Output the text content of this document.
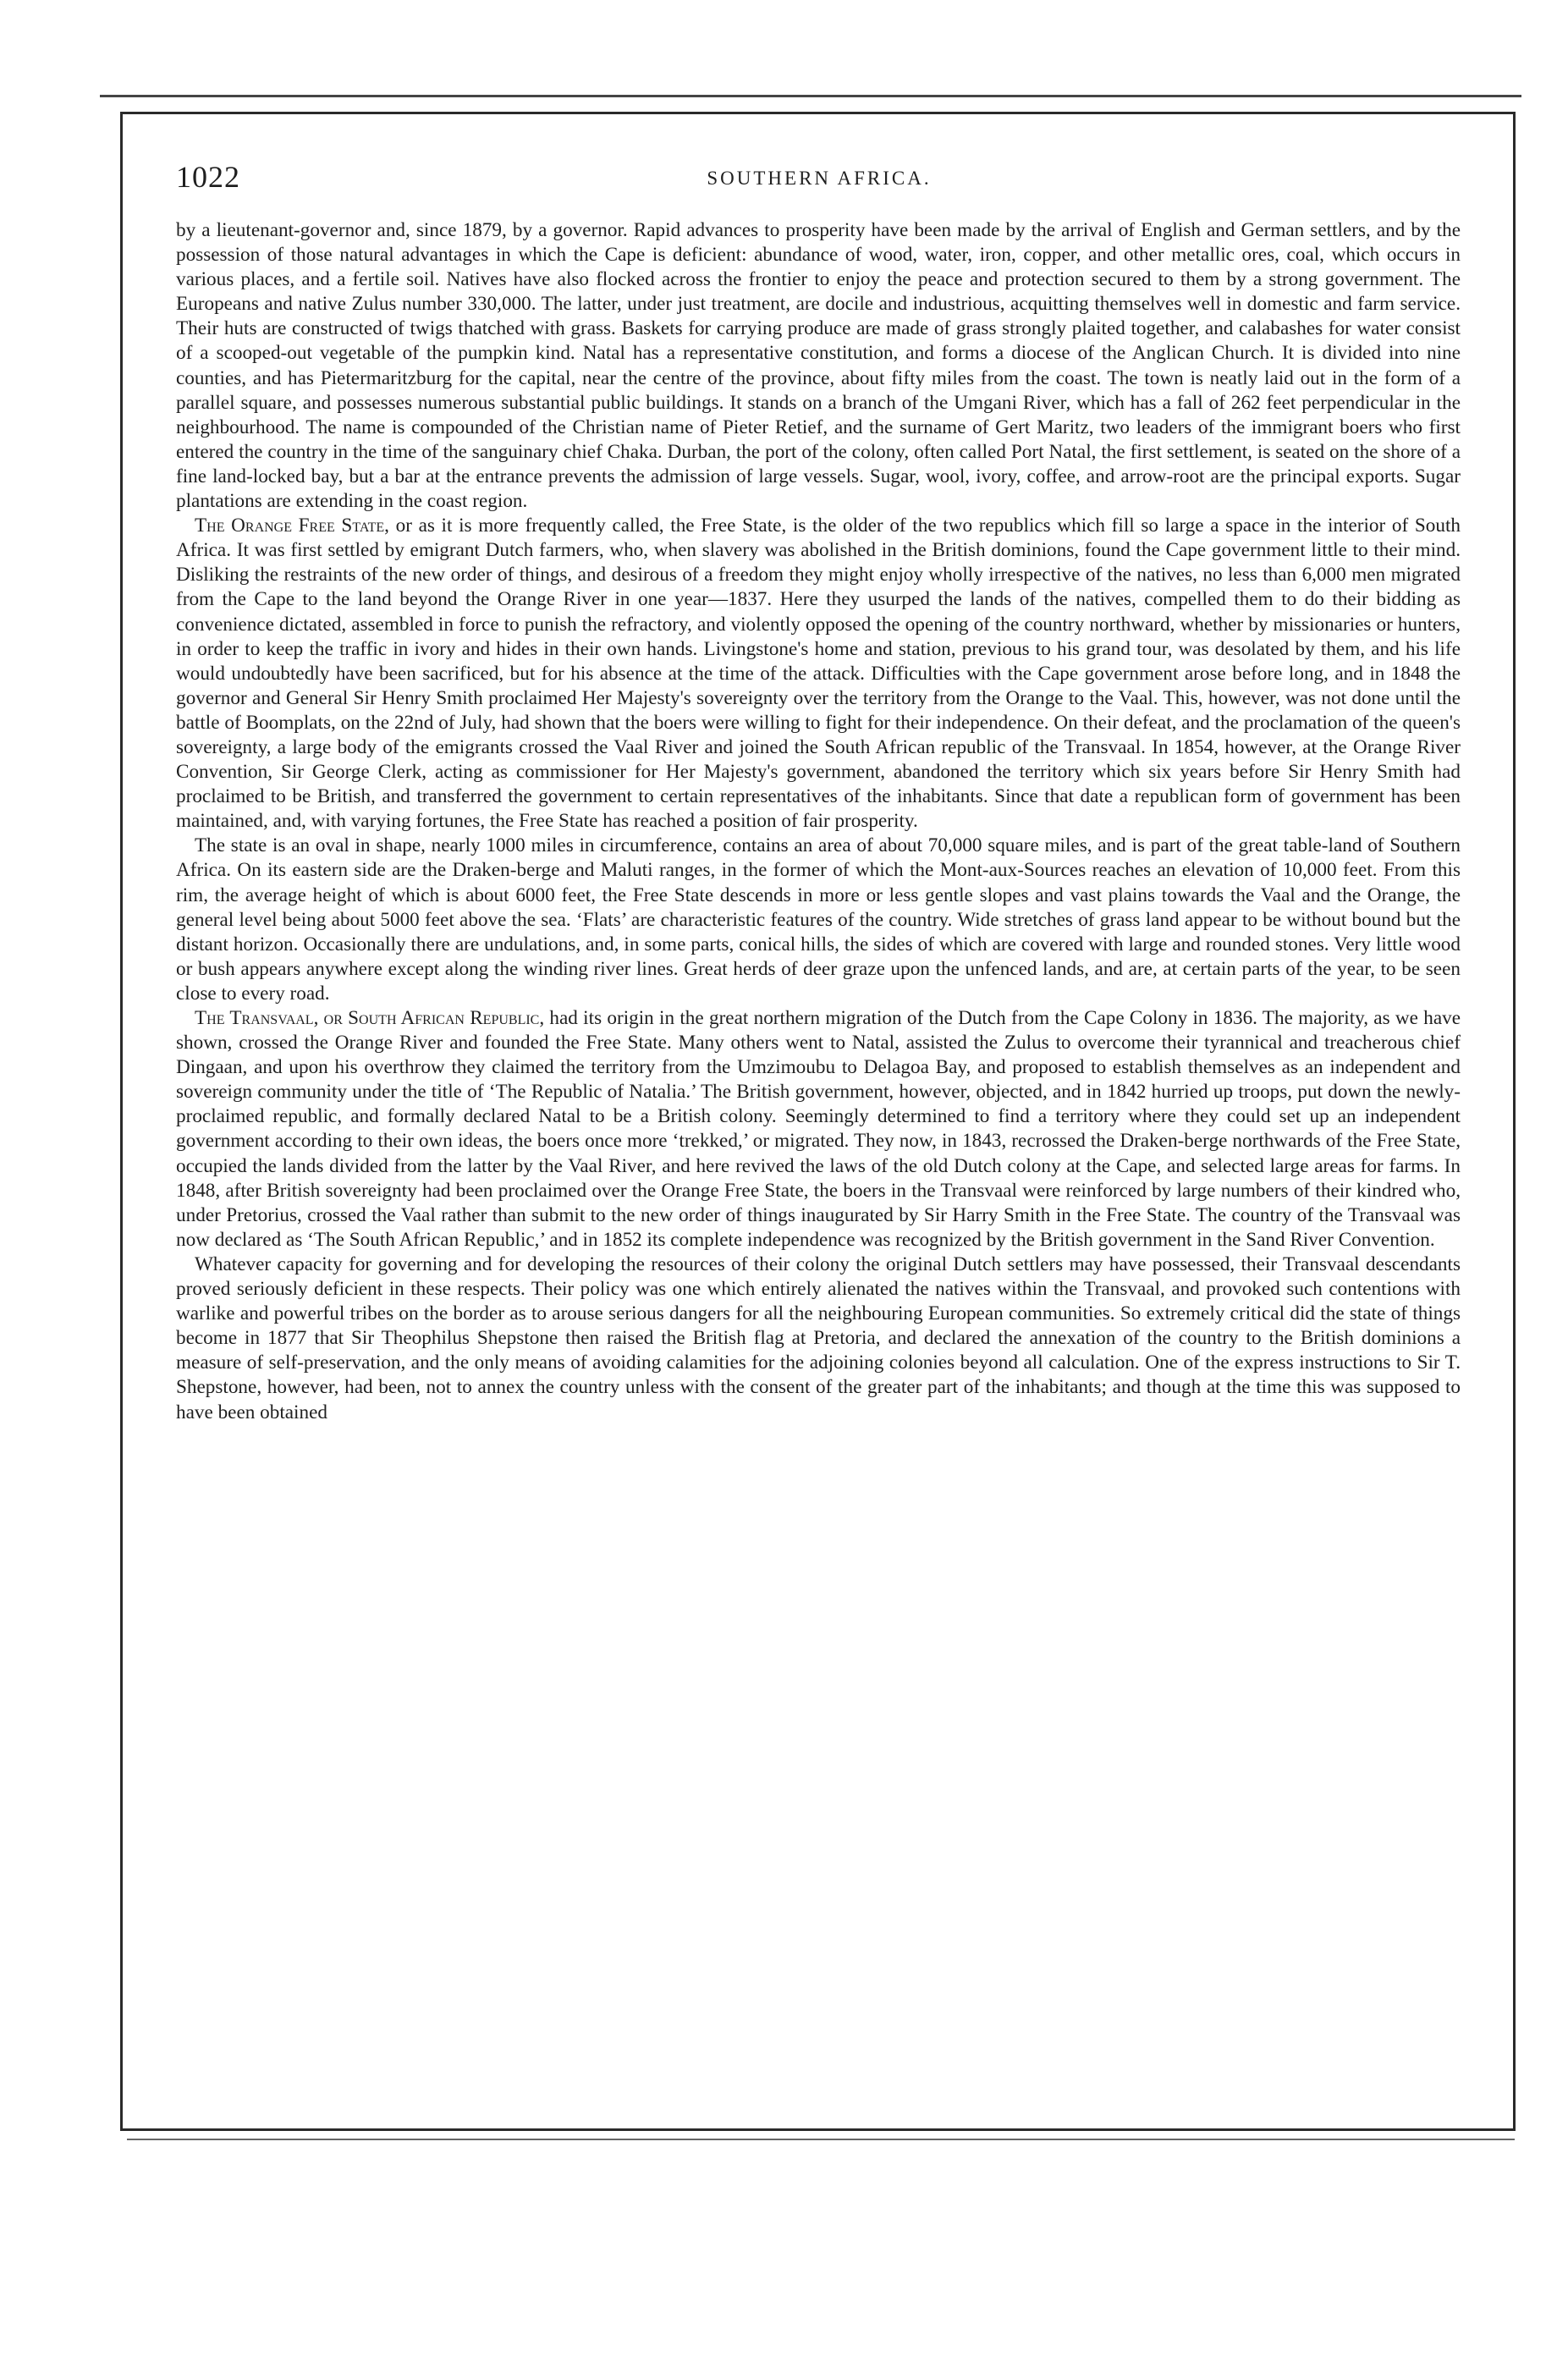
1022	SOUTHERN AFRICA.

by a lieutenant-governor and, since 1879, by a governor. Rapid advances to prosperity have been made by the arrival of English and German settlers, and by the possession of those natural advantages in which the Cape is deficient: abundance of wood, water, iron, copper, and other metallic ores, coal, which occurs in various places, and a fertile soil. Natives have also flocked across the frontier to enjoy the peace and protection secured to them by a strong government. The Europeans and native Zulus number 330,000. The latter, under just treatment, are docile and industrious, acquitting themselves well in domestic and farm service. Their huts are constructed of twigs thatched with grass. Baskets for carrying produce are made of grass strongly plaited together, and calabashes for water consist of a scooped-out vegetable of the pumpkin kind. Natal has a representative constitution, and forms a diocese of the Anglican Church. It is divided into nine counties, and has Pietermaritzburg for the capital, near the centre of the province, about fifty miles from the coast. The town is neatly laid out in the form of a parallel square, and possesses numerous substantial public buildings. It stands on a branch of the Umgani River, which has a fall of 262 feet perpendicular in the neighbourhood. The name is compounded of the Christian name of Pieter Retief, and the surname of Gert Maritz, two leaders of the immigrant boers who first entered the country in the time of the sanguinary chief Chaka. Durban, the port of the colony, often called Port Natal, the first settlement, is seated on the shore of a fine land-locked bay, but a bar at the entrance prevents the admission of large vessels. Sugar, wool, ivory, coffee, and arrow-root are the principal exports. Sugar plantations are extending in the coast region.

The Orange Free State, or as it is more frequently called, the Free State, is the older of the two republics which fill so large a space in the interior of South Africa. It was first settled by emigrant Dutch farmers, who, when slavery was abolished in the British dominions, found the Cape government little to their mind. Disliking the restraints of the new order of things, and desirous of a freedom they might enjoy wholly irrespective of the natives, no less than 6,000 men migrated from the Cape to the land beyond the Orange River in one year—1837. Here they usurped the lands of the natives, compelled them to do their bidding as convenience dictated, assembled in force to punish the refractory, and violently opposed the opening of the country northward, whether by missionaries or hunters, in order to keep the traffic in ivory and hides in their own hands. Livingstone's home and station, previous to his grand tour, was desolated by them, and his life would undoubtedly have been sacrificed, but for his absence at the time of the attack. Difficulties with the Cape government arose before long, and in 1848 the governor and General Sir Henry Smith proclaimed Her Majesty's sovereignty over the territory from the Orange to the Vaal. This, however, was not done until the battle of Boomplats, on the 22nd of July, had shown that the boers were willing to fight for their independence. On their defeat, and the proclamation of the queen's sovereignty, a large body of the emigrants crossed the Vaal River and joined the South African republic of the Transvaal. In 1854, however, at the Orange River Convention, Sir George Clerk, acting as commissioner for Her Majesty's government, abandoned the territory which six years before Sir Henry Smith had proclaimed to be British, and transferred the government to certain representatives of the inhabitants. Since that date a republican form of government has been maintained, and, with varying fortunes, the Free State has reached a position of fair prosperity.

The state is an oval in shape, nearly 1000 miles in circumference, contains an area of about 70,000 square miles, and is part of the great table-land of Southern Africa. On its eastern side are the Draken-berge and Maluti ranges, in the former of which the Mont-aux-Sources reaches an elevation of 10,000 feet. From this rim, the average height of which is about 6000 feet, the Free State descends in more or less gentle slopes and vast plains towards the Vaal and the Orange, the general level being about 5000 feet above the sea. ‘Flats’ are characteristic features of the country. Wide stretches of grass land appear to be without bound but the distant horizon. Occasionally there are undulations, and, in some parts, conical hills, the sides of which are covered with large and rounded stones. Very little wood or bush appears anywhere except along the winding river lines. Great herds of deer graze upon the unfenced lands, and are, at certain parts of the year, to be seen close to every road.

The Transvaal, or South African Republic, had its origin in the great northern migration of the Dutch from the Cape Colony in 1836. The majority, as we have shown, crossed the Orange River and founded the Free State. Many others went to Natal, assisted the Zulus to overcome their tyrannical and treacherous chief Dingaan, and upon his overthrow they claimed the territory from the Umzimoubu to Delagoa Bay, and proposed to establish themselves as an independent and sovereign community under the title of ‘The Republic of Natalia.’ The British government, however, objected, and in 1842 hurried up troops, put down the newly-proclaimed republic, and formally declared Natal to be a British colony. Seemingly determined to find a territory where they could set up an independent government according to their own ideas, the boers once more ‘trekked,’ or migrated. They now, in 1843, recrossed the Draken-berge northwards of the Free State, occupied the lands divided from the latter by the Vaal River, and here revived the laws of the old Dutch colony at the Cape, and selected large areas for farms. In 1848, after British sovereignty had been proclaimed over the Orange Free State, the boers in the Transvaal were reinforced by large numbers of their kindred who, under Pretorius, crossed the Vaal rather than submit to the new order of things inaugurated by Sir Harry Smith in the Free State. The country of the Transvaal was now declared as ‘The South African Republic,’ and in 1852 its complete independence was recognized by the British government in the Sand River Convention.

Whatever capacity for governing and for developing the resources of their colony the original Dutch settlers may have possessed, their Transvaal descendants proved seriously deficient in these respects. Their policy was one which entirely alienated the natives within the Transvaal, and provoked such contentions with warlike and powerful tribes on the border as to arouse serious dangers for all the neighbouring European communities. So extremely critical did the state of things become in 1877 that Sir Theophilus Shepstone then raised the British flag at Pretoria, and declared the annexation of the country to the British dominions a measure of self-preservation, and the only means of avoiding calamities for the adjoining colonies beyond all calculation. One of the express instructions to Sir T. Shepstone, however, had been, not to annex the country unless with the consent of the greater part of the inhabitants; and though at the time this was supposed to have been obtained
